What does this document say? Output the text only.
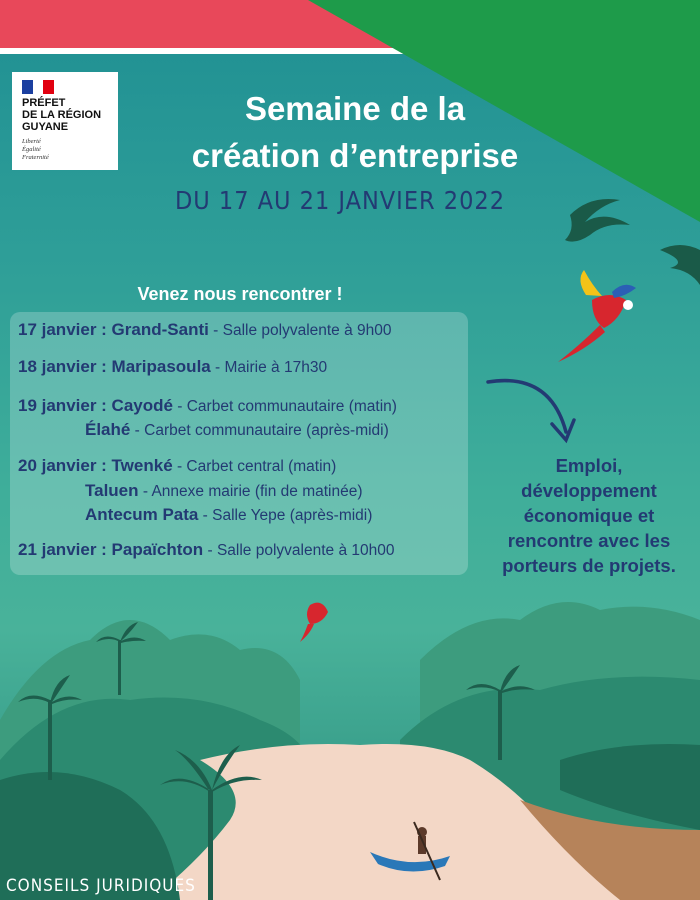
PRÉFET
DE LA RÉGION
GUYANE
Liberté
Égalité
Fraternité
Semaine de la
création d’entreprise
DU 17 AU 21 JANVIER 2022
Venez nous rencontrer !
17 janvier : Grand-Santi - Salle polyvalente à 9h00
18 janvier : Maripasoula - Mairie à 17h30
19 janvier : Cayodé - Carbet communautaire (matin)
Élahé - Carbet communautaire (après-midi)
20 janvier : Twenké - Carbet central (matin)
Taluen - Annexe mairie (fin de matinée)
Antecum Pata - Salle Yepe (après-midi)
21 janvier : Papaïchton - Salle polyvalente à 10h00
Emploi,
développement
économique et
rencontre avec les
porteurs de projets.
CONSEILS JURIDIQUES
